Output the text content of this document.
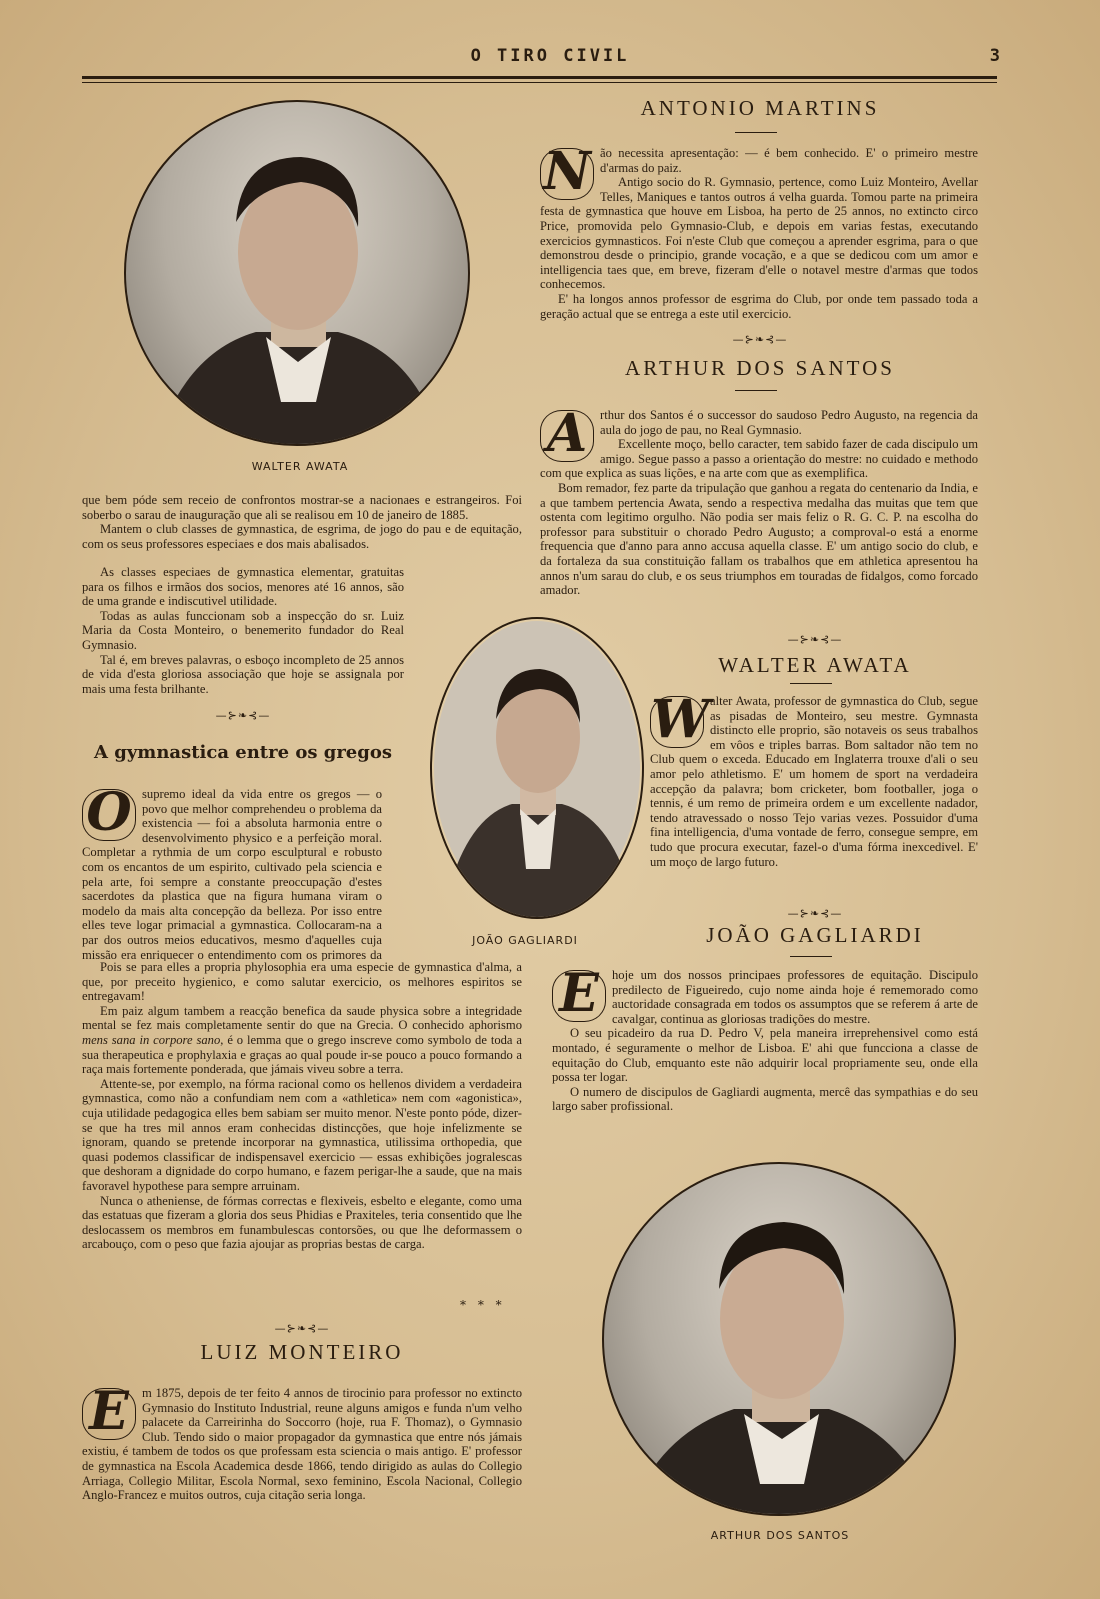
O TIRO CIVIL	3
WALTER AWATA

que bem póde sem receio de confrontos mostrar-se a nacionaes e estrangeiros. Foi soberbo o sarau de inauguração que ali se realisou em 10 de janeiro de 1885.

Mantem o club classes de gymnastica, de esgrima, de jogo do pau e de equitação, com os seus professores especiaes e dos mais abalisados.

As classes especiaes de gymnastica elementar, gratuitas para os filhos e irmãos dos socios, menores até 16 annos, são de uma grande e indiscutivel utilidade.

Todas as aulas funccionam sob a inspecção do sr. Luiz Maria da Costa Monteiro, o benemerito fundador do Real Gymnasio.

Tal é, em breves palavras, o esboço incompleto de 25 annos de vida d'esta gloriosa associação que hoje se assignala por mais uma festa brilhante.

—⊱❧⊰—
A gymnastica entre os gregos
O supremo ideal da vida entre os gregos — o povo que melhor comprehendeu o problema da existencia — foi a absoluta harmonia entre o desenvolvimento physico e a perfeição moral. Completar a rythmia de um corpo esculptural e robusto com os encantos de um espirito, cultivado pela sciencia e pela arte, foi sempre a constante preoccupação d'estes sacerdotes da plastica que na figura humana viram o modelo da mais alta concepção da belleza. Por isso entre elles teve logar primacial a gymnastica. Collocaram-na a par dos outros meios educativos, mesmo d'aquelles cuja missão era enriquecer o entendimento com os primores da

Pois se para elles a propria phylosophia era uma especie de gymnastica d'alma, a que, por preceito hygienico, e como salutar exercicio, os melhores espiritos se entregavam!

Em paiz algum tambem a reacção benefica da saude physica sobre a integridade mental se fez mais completamente sentir do que na Grecia. O conhecido aphorismo mens sana in corpore sano, é o lemma que o grego inscreve como symbolo de toda a sua therapeutica e prophylaxia e graças ao qual poude ir-se pouco a pouco formando a raça mais fortemente ponderada, que jámais viveu sobre a terra.

Attente-se, por exemplo, na fórma racional como os hellenos dividem a verdadeira gymnastica, como não a confundiam nem com a «athletica» nem com «agonistica», cuja utilidade pedagogica elles bem sabiam ser muito menor. N'este ponto póde, dizer-se que ha tres mil annos eram conhecidas distincções, que hoje infelizmente se ignoram, quando se pretende incorporar na gymnastica, utilissima orthopedia, que quasi podemos classificar de indispensavel exercicio — essas exhibições jogralescas que deshoram a dignidade do corpo humano, e fazem perigar-lhe a saude, que na mais favoravel hypothese para sempre arruinam.

Nunca o atheniense, de fórmas correctas e flexiveis, esbelto e elegante, como uma das estatuas que fizeram a gloria dos seus Phidias e Praxiteles, teria consentido que lhe deslocassem os membros em funambulescas contorsões, ou que lhe deformassem o arcabouço, com o peso que fazia ajoujar as proprias bestas de carga.

* * *
—⊱❧⊰—
LUIZ MONTEIRO
E	m 1875, depois de ter feito 4 annos de tirocinio para professor no extincto Gymnasio do Instituto Industrial, reune alguns amigos e funda n'um velho palacete da Carreirinha do Soccorro (hoje, rua F. Thomaz), o Gymnasio Club. Tendo sido o maior propagador da gymnastica que entre nós jámais existiu, é tambem de todos os que professam esta sciencia o mais antigo. E' professor de gymnastica na Escola Academica desde 1866, tendo dirigido as aulas do Collegio Arriaga, Collegio Militar, Escola Normal, sexo feminino, Escola Nacional, Collegio Anglo-Francez e muitos outros, cuja citação seria longa.

ANTONIO MARTINS
N ão necessita apresentação: — é bem conhecido. E' o primeiro mestre d'armas do paiz.

Antigo socio do R. Gymnasio, pertence, como Luiz Monteiro, Avellar Telles, Maniques e tantos outros á velha guarda. Tomou parte na primeira festa de gymnastica que houve em Lisboa, ha perto de 25 annos, no extincto circo Price, promovida pelo Gymnasio-Club, e depois em varias festas, executando exercicios gymnasticos. Foi n'este Club que começou a aprender esgrima, para o que demonstrou desde o principio, grande vocação, e a que se dedicou com um amor e intelligencia taes que, em breve, fizeram d'elle o notavel mestre d'armas que todos conhecemos.

E' ha longos annos professor de esgrima do Club, por onde tem passado toda a geração actual que se entrega a este util exercicio.

—⊱❧⊰—
ARTHUR DOS SANTOS
A	rthur dos Santos é o successor do saudoso Pedro Augusto, na regencia da aula do jogo de pau, no Real Gymnasio.

Excellente moço, bello caracter, tem sabido fazer de cada discipulo um amigo. Segue passo a passo a orientação do mestre: no cuidado e methodo com que explica as suas lições, e na arte com que as exemplifica.

Bom remador, fez parte da tripulação que ganhou a regata do centenario da India, e a que tambem pertencia Awata, sendo a respectiva medalha das muitas que tem que ostenta com legitimo orgulho. Não podia ser mais feliz o R. G. C. P. na escolha do professor para substituir o chorado Pedro Augusto; a comproval-o está a enorme frequencia que d'anno para anno accusa aquella classe. E' um antigo socio do club, e da fortaleza da sua constituição fallam os trabalhos que em athletica apresentou ha annos n'um sarau do club, e os seus triumphos em touradas de fidalgos, como forcado amador.

JOÃO GAGLIARDI
—⊱❧⊰—
WALTER AWATA
W alter Awata, professor de gymnastica do Club, segue as pisadas de Monteiro, seu mestre. Gymnasta distincto elle proprio, são notaveis os seus trabalhos em vôos e triples barras. Bom saltador não tem no Club quem o exceda. Educado em Inglaterra trouxe d'ali o seu amor pelo athletismo. E' um homem de sport na verdadeira accepção da palavra; bom cricketer, bom footballer, joga o tennis, é um remo de primeira ordem e um excellente nadador, tendo atravessado o nosso Tejo varias vezes. Possuidor d'uma fina intelligencia, d'uma vontade de ferro, consegue sempre, em tudo que procura executar, fazel-o d'uma fórma inexcedivel. E' um moço de largo futuro.

—⊱❧⊰—
JOÃO GAGLIARDI
E	hoje um dos nossos principaes professores de equitação. Discipulo predilecto de Figueiredo, cujo nome ainda hoje é rememorado como auctoridade consagrada em todos os assumptos que se referem á arte de cavalgar, continua as gloriosas tradições do mestre.

O seu picadeiro da rua D. Pedro V, pela maneira irreprehensivel como está montado, é seguramente o melhor de Lisboa. E' ahi que funcciona a classe de equitação do Club, emquanto este não adquirir local propriamente seu, onde ella possa ter logar.

O numero de discipulos de Gagliardi augmenta, mercê das sympathias e do seu largo saber profissional.

ARTHUR DOS SANTOS
